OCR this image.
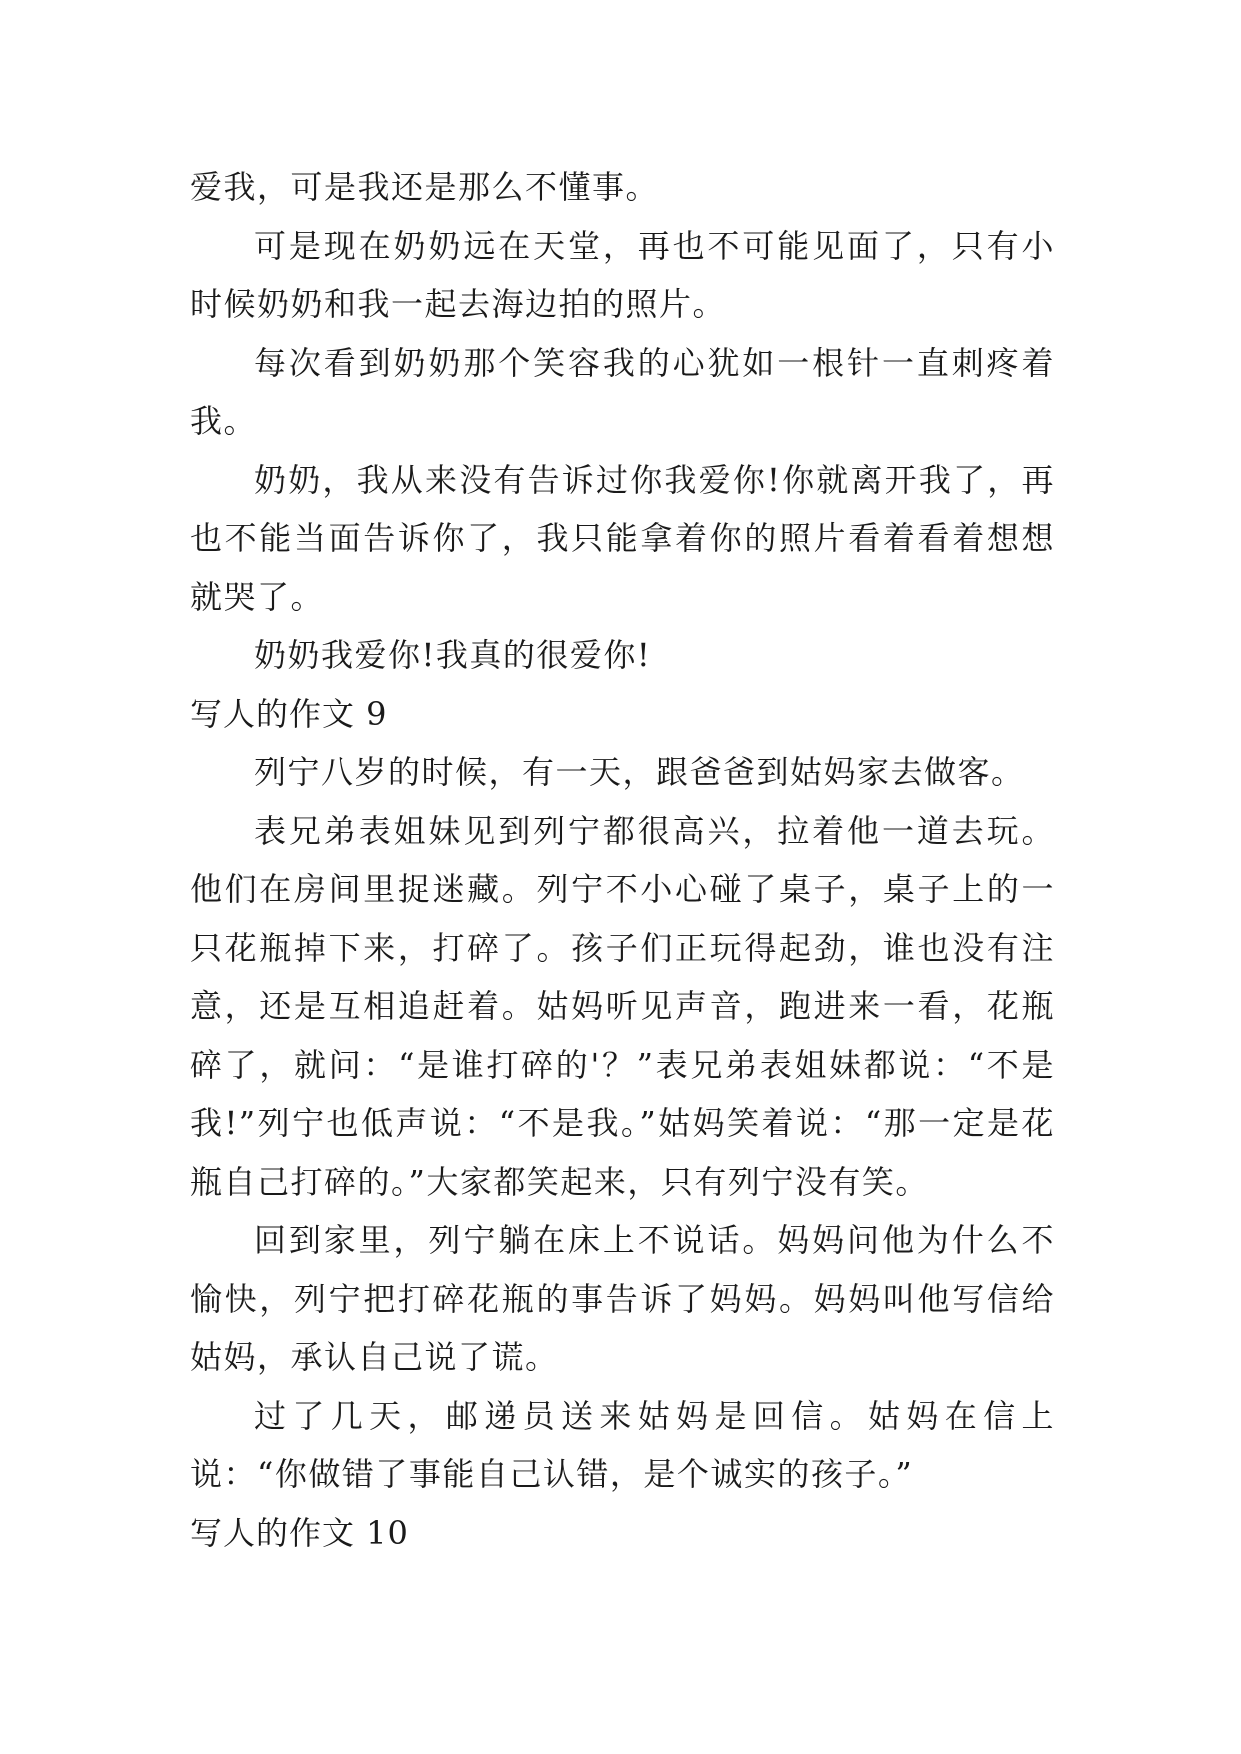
爱我，可是我还是那么不懂事。

可是现在奶奶远在天堂，再也不可能见面了，只有小时候奶奶和我一起去海边拍的照片。

每次看到奶奶那个笑容我的心犹如一根针一直刺疼着我。

奶奶，我从来没有告诉过你我爱你!你就离开我了，再也不能当面告诉你了，我只能拿着你的照片看着看着想想就哭了。

奶奶我爱你!我真的很爱你!

写人的作文 9

列宁八岁的时候，有一天，跟爸爸到姑妈家去做客。

表兄弟表姐妹见到列宁都很高兴，拉着他一道去玩。他们在房间里捉迷藏。列宁不小心碰了桌子，桌子上的一只花瓶掉下来，打碎了。孩子们正玩得起劲，谁也没有注意，还是互相追赶着。姑妈听见声音，跑进来一看，花瓶碎了，就问：“是谁打碎的'？”表兄弟表姐妹都说：“不是我!”列宁也低声说：“不是我。”姑妈笑着说：“那一定是花瓶自己打碎的。”大家都笑起来，只有列宁没有笑。

回到家里，列宁躺在床上不说话。妈妈问他为什么不愉快，列宁把打碎花瓶的事告诉了妈妈。妈妈叫他写信给姑妈，承认自己说了谎。

过了几天，邮递员送来姑妈是回信。姑妈在信上说：“你做错了事能自己认错，是个诚实的孩子。”

写人的作文 10
